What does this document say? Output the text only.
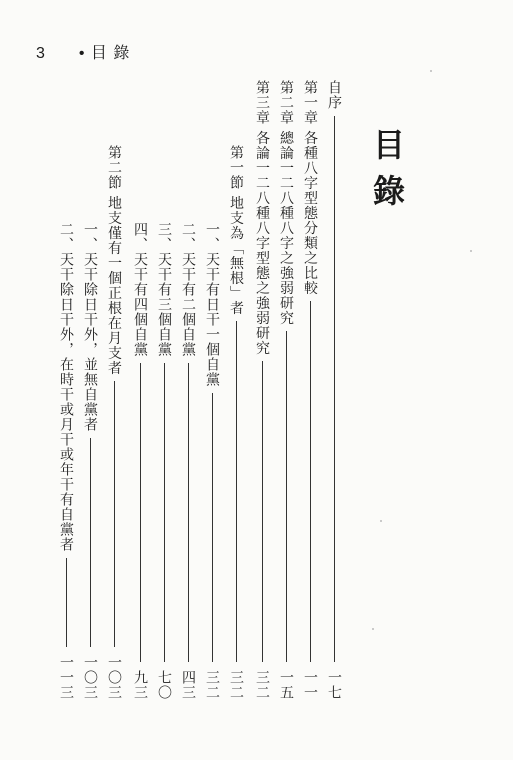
3 • 目 錄
目錄
自序
一七
第一章 各種八字型態分類之比較
一一
第二章 總論一二八種八字之強弱研究
一五
第三章 各論一二八種八字型態之強弱研究
三二
第一節 地支為「無根」者
三二
一、天干有日干一個自黨
三二
二、天干有二個自黨
四三
三、天干有三個自黨
七〇
四、天干有四個自黨
九三
第二節 地支僅有一個正根在月支者
一〇三
一、天干除日干外，並無自黨者
一〇三
二、天干除日干外，在時干或月干或年干有自黨者
一一三
